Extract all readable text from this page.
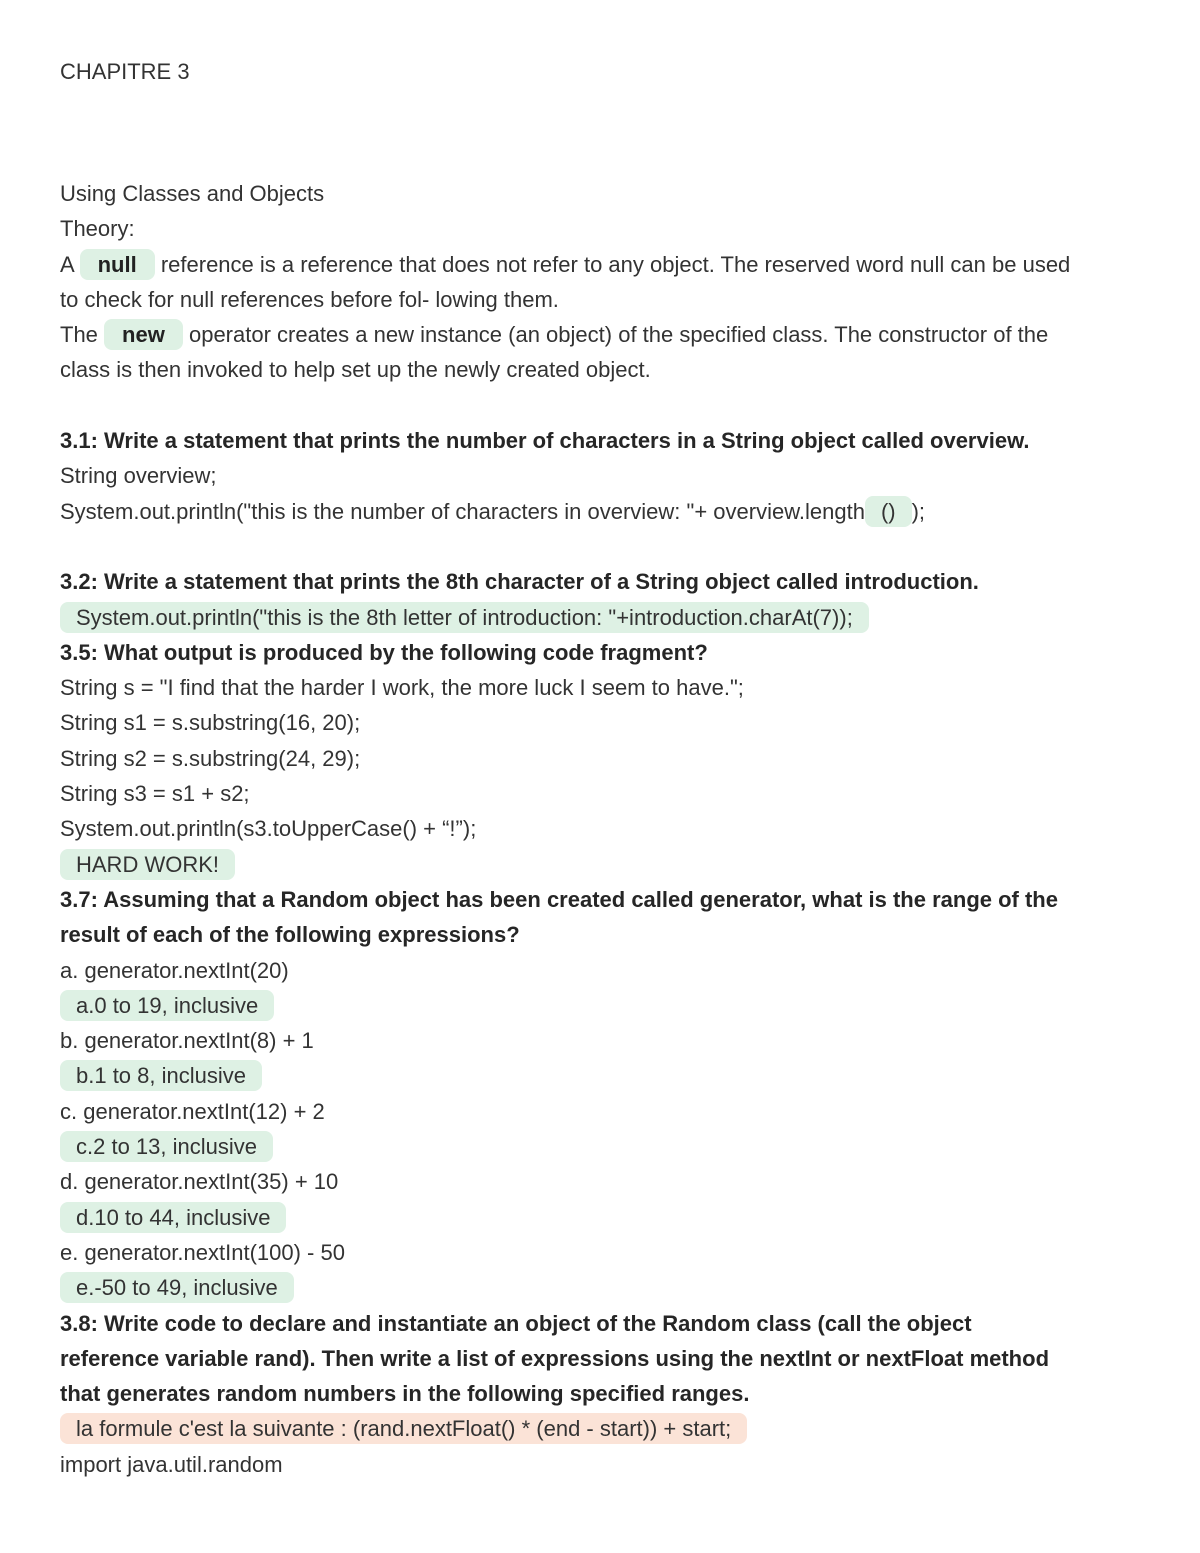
CHAPITRE 3

Using Classes and Objects

Theory:

A null reference is a reference that does not refer to any object. The reserved word null can be used

to check for null references before fol- lowing them.

The new operator creates a new instance (an object) of the specified class. The constructor of the

class is then invoked to help set up the newly created object.

3.1: Write a statement that prints the number of characters in a String object called overview.

String overview;

System.out.println("this is the number of characters in overview: "+ overview.length () );

3.2: Write a statement that prints the 8th character of a String object called introduction.

System.out.println("this is the 8th letter of introduction: "+introduction.charAt(7));

3.5: What output is produced by the following code fragment?

String s = "I find that the harder I work, the more luck I seem to have.";

String s1 = s.substring(16, 20);

String s2 = s.substring(24, 29);

String s3 = s1 + s2;

System.out.println(s3.toUpperCase() + “!”);

HARD WORK!

3.7: Assuming that a Random object has been created called generator, what is the range of the

result of each of the following expressions?

a. generator.nextInt(20)

a.0 to 19, inclusive

b. generator.nextInt(8) + 1

b.1 to 8, inclusive

c. generator.nextInt(12) + 2

c.2 to 13, inclusive

d. generator.nextInt(35) + 10

d.10 to 44, inclusive

e. generator.nextInt(100) - 50

e.-50 to 49, inclusive

3.8: Write code to declare and instantiate an object of the Random class (call the object

reference variable rand). Then write a list of expressions using the nextInt or nextFloat method

that generates random numbers in the following specified ranges.

la formule c'est la suivante : (rand.nextFloat() * (end - start)) + start;

import java.util.random
